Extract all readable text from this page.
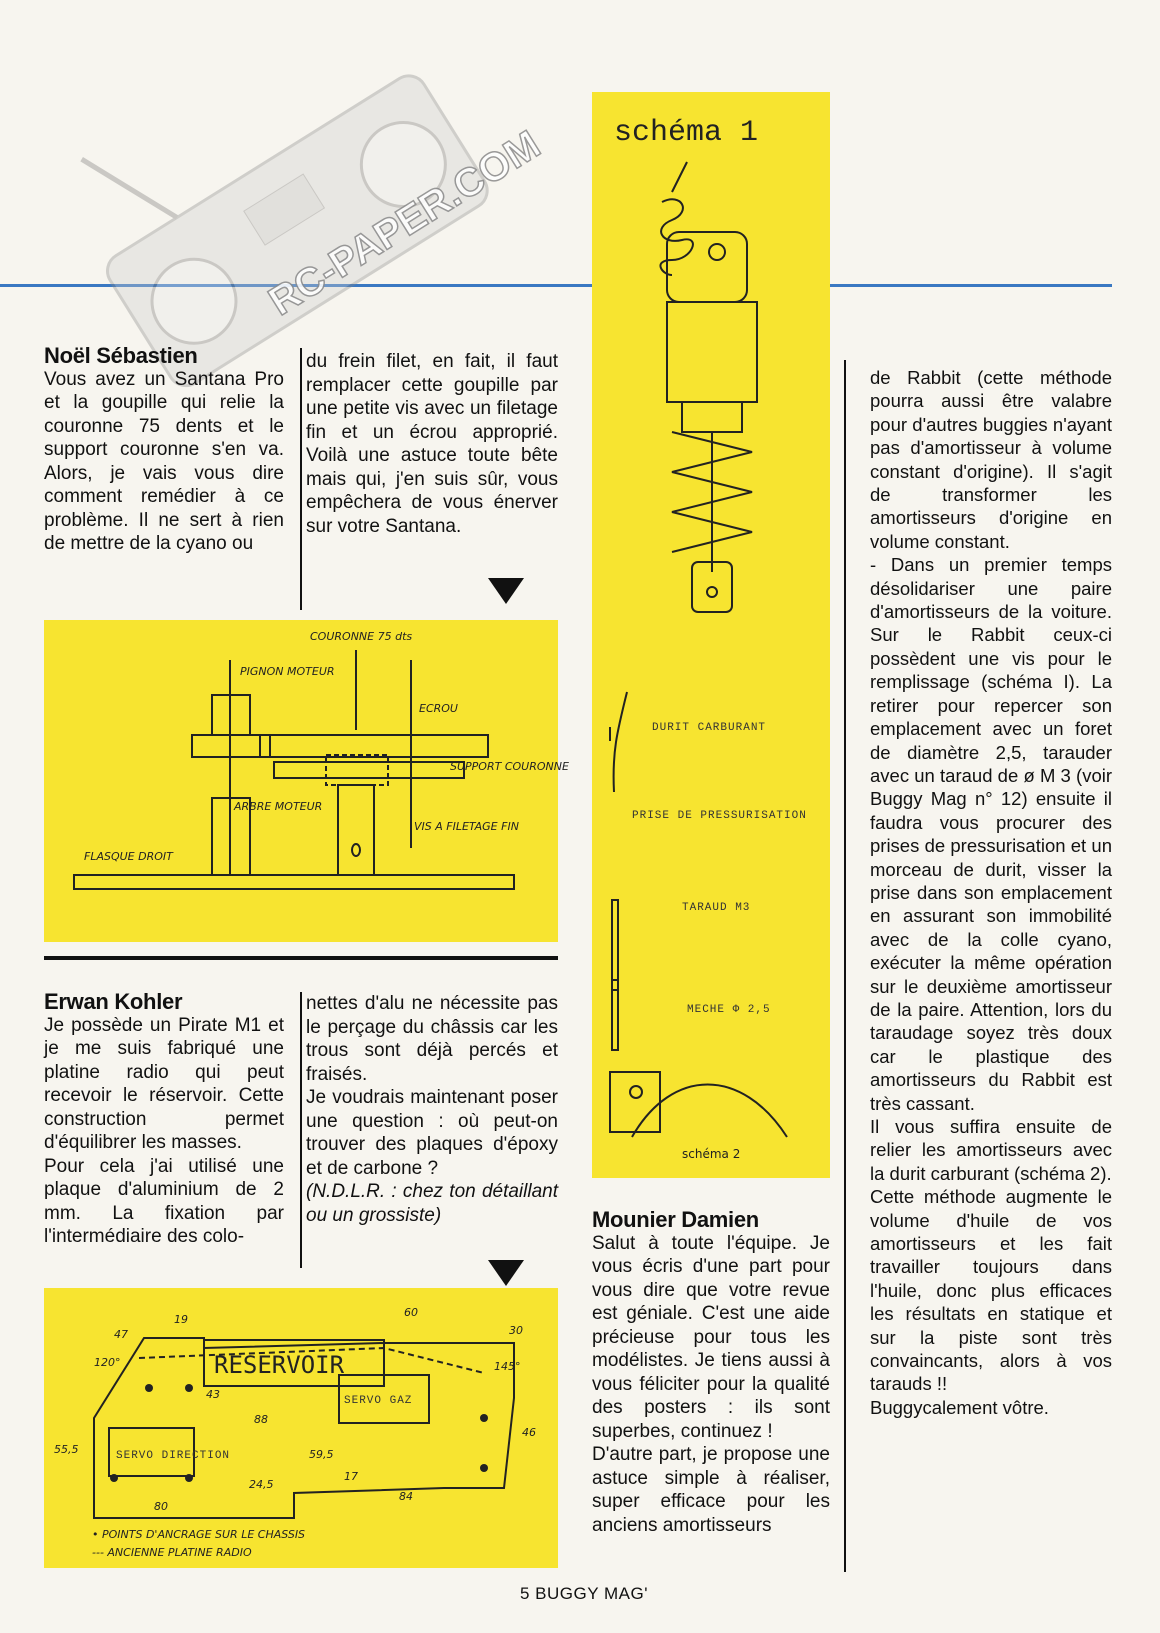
RC-PAPER.COM
Noël Sébastien

Vous avez un Santana Pro et la goupille qui relie la couronne 75 dents et le support couronne s'en va. Alors, je vais vous dire comment remédier à ce problème. Il ne sert à rien de mettre de la cyano ou

du frein filet, en fait, il faut remplacer cette goupille par une petite vis avec un filetage fin et un écrou approprié. Voilà une astuce toute bête mais qui, j'en suis sûr, vous empêchera de vous énerver sur votre Santana.

COURONNE 75 dts
PIGNON MOTEUR
ECROU
SUPPORT COURONNE
ARBRE MOTEUR
VIS A FILETAGE FIN
FLASQUE DROIT
Erwan Kohler

Je possède un Pirate M1 et je me suis fabriqué une platine radio qui peut recevoir le réservoir. Cette construction permet d'équilibrer les masses.
Pour cela j'ai utilisé une plaque d'aluminium de 2 mm. La fixation par l'intermédiaire des colo-

nettes d'alu ne nécessite pas le perçage du châssis car les trous sont déjà percés et fraisés.
Je voudrais maintenant poser une question : où peut-on trouver des plaques d'époxy et de carbone ?

(N.D.L.R. : chez ton détaillant ou un grossiste)

RESERVOIR
SERVO DIRECTION
SERVO GAZ
60
30
47
19
120°
43
88
145°
46
55,5	59,5
24,5
17
84
80
• POINTS D'ANCRAGE SUR LE CHASSIS
--- ANCIENNE PLATINE RADIO
schéma 1
DURIT CARBURANT
PRISE DE PRESSURISATION
TARAUD M3
MECHE Φ 2,5
schéma 2
Mounier Damien

Salut à toute l'équipe. Je vous écris d'une part pour vous dire que votre revue est géniale. C'est une aide précieuse pour tous les modélistes. Je tiens aussi à vous féliciter pour la qualité des posters : ils sont superbes, continuez !
D'autre part, je propose une astuce simple à réaliser, super efficace pour les anciens amortisseurs

de Rabbit (cette méthode pourra aussi être valabre pour d'autres buggies n'ayant pas d'amortisseur à volume constant d'origine). Il s'agit de transformer les amortisseurs d'origine en volume constant.
- Dans un premier temps désolidariser une paire d'amortisseurs de la voiture. Sur le Rabbit ceux-ci possèdent une vis pour le remplissage (schéma I). La retirer pour repercer son emplacement avec un foret de diamètre 2,5, tarauder avec un taraud de ø M 3 (voir Buggy Mag n° 12) ensuite il faudra vous procurer des prises de pressurisation et un morceau de durit, visser la prise dans son emplacement en assurant son immobilité avec de la colle cyano, exécuter la même opération sur le deuxième amortisseur de la paire. Attention, lors du taraudage soyez très doux car le plastique des amortisseurs du Rabbit est très cassant.
Il vous suffira ensuite de relier les amortisseurs avec la durit carburant (schéma 2).
Cette méthode augmente le volume d'huile de vos amortisseurs et les fait travailler toujours dans l'huile, donc plus efficaces les résultats en statique et sur la piste sont très convaincants, alors à vos tarauds !!
Buggycalement vôtre.

5 BUGGY MAG'
